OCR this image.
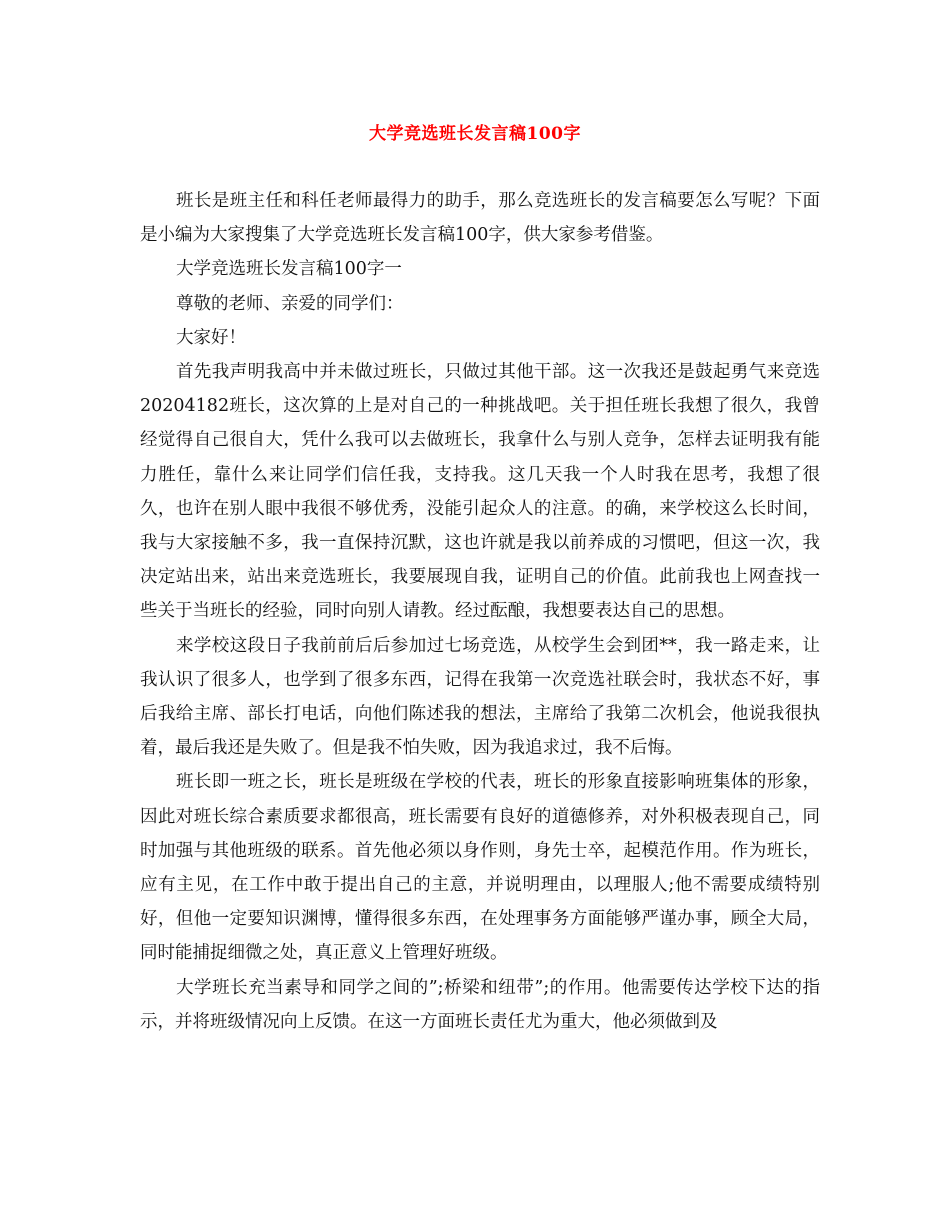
大学竞选班长发言稿100字

班长是班主任和科任老师最得力的助手，那么竞选班长的发言稿要怎么写呢？下面是小编为大家搜集了大学竞选班长发言稿100字，供大家参考借鉴。

大学竞选班长发言稿100字一

尊敬的老师、亲爱的同学们：

大家好！

首先我声明我高中并未做过班长，只做过其他干部。这一次我还是鼓起勇气来竞选20204182班长，这次算的上是对自己的一种挑战吧。关于担任班长我想了很久，我曾经觉得自己很自大，凭什么我可以去做班长，我拿什么与别人竞争，怎样去证明我有能力胜任，靠什么来让同学们信任我，支持我。这几天我一个人时我在思考，我想了很久，也许在别人眼中我很不够优秀，没能引起众人的注意。的确，来学校这么长时间，我与大家接触不多，我一直保持沉默，这也许就是我以前养成的习惯吧，但这一次，我决定站出来，站出来竞选班长，我要展现自我，证明自己的价值。此前我也上网查找一些关于当班长的经验，同时向别人请教。经过酝酿，我想要表达自己的思想。

来学校这段日子我前前后后参加过七场竞选，从校学生会到团**，我一路走来，让我认识了很多人，也学到了很多东西，记得在我第一次竞选社联会时，我状态不好，事后我给主席、部长打电话，向他们陈述我的想法，主席给了我第二次机会，他说我很执着，最后我还是失败了。但是我不怕失败，因为我追求过，我不后悔。

班长即一班之长，班长是班级在学校的代表，班长的形象直接影响班集体的形象，因此对班长综合素质要求都很高，班长需要有良好的道德修养，对外积极表现自己，同时加强与其他班级的联系。首先他必须以身作则，身先士卒，起模范作用。作为班长，应有主见，在工作中敢于提出自己的主意，并说明理由，以理服人;他不需要成绩特别好，但他一定要知识渊博，懂得很多东西，在处理事务方面能够严谨办事，顾全大局，同时能捕捉细微之处，真正意义上管理好班级。

大学班长充当素导和同学之间的”;桥梁和纽带”;的作用。他需要传达学校下达的指示，并将班级情况向上反馈。在这一方面班长责任尤为重大，他必须做到及
